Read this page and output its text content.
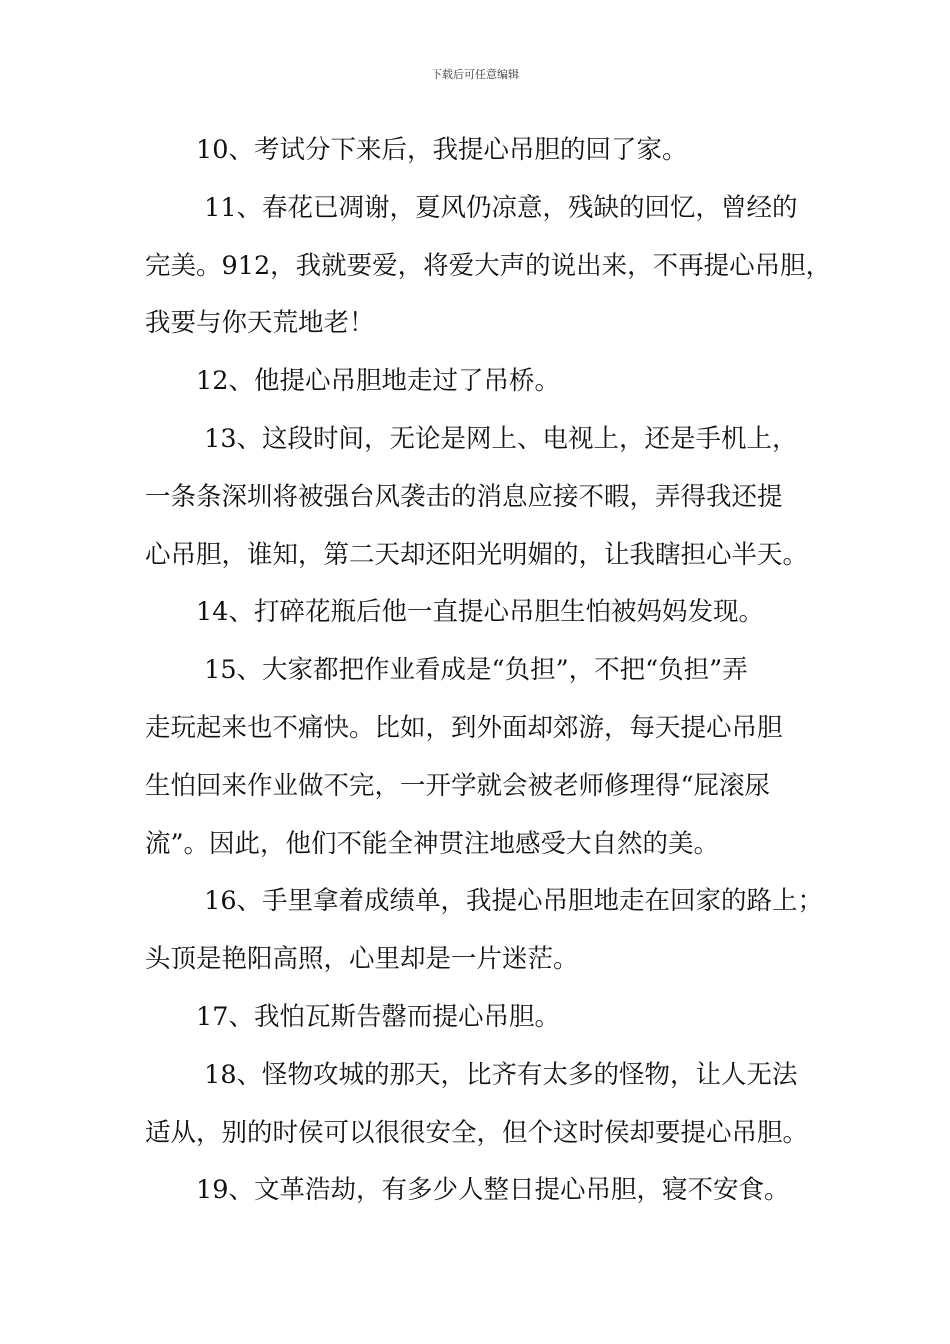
下载后可任意编辑

10、考试分下来后，我提心吊胆的回了家。

11、春花已凋谢，夏风仍凉意，残缺的回忆，曾经的
完美。912，我就要爱，将爱大声的说出来，不再提心吊胆，
我要与你天荒地老！

12、他提心吊胆地走过了吊桥。

13、这段时间，无论是网上、电视上，还是手机上，
一条条深圳将被强台风袭击的消息应接不暇，弄得我还提
心吊胆，谁知，第二天却还阳光明媚的，让我瞎担心半天。

14、打碎花瓶后他一直提心吊胆生怕被妈妈发现。

15、大家都把作业看成是“负担”，不把“负担”弄
走玩起来也不痛快。比如，到外面却郊游，每天提心吊胆
生怕回来作业做不完，一开学就会被老师修理得“屁滚尿
流”。因此，他们不能全神贯注地感受大自然的美。

16、手里拿着成绩单，我提心吊胆地走在回家的路上；
头顶是艳阳高照，心里却是一片迷茫。

17、我怕瓦斯告罄而提心吊胆。

18、怪物攻城的那天，比齐有太多的怪物，让人无法
适从，别的时侯可以很很安全，但个这时侯却要提心吊胆。

19、文革浩劫，有多少人整日提心吊胆，寝不安食。
